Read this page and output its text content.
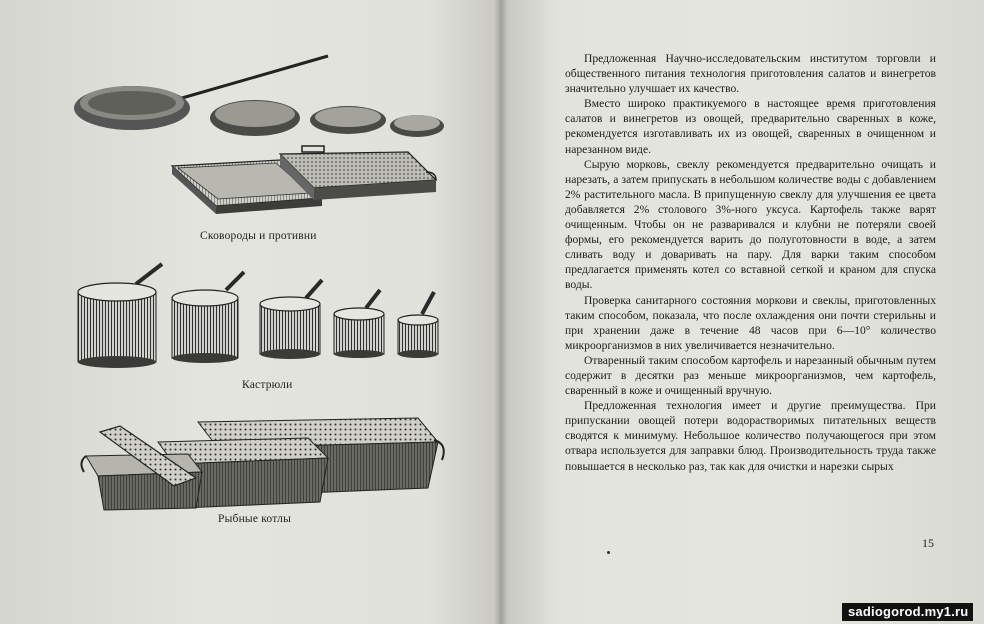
Сковороды и противни
Кастрюли
Рыбные котлы

Предложенная Научно-исследовательским институтом торговли и общественного питания технология приготовления салатов и винегретов значительно улучшает их качество.

Вместо широко практикуемого в настоящее время приготовления салатов и винегретов из овощей, предварительно сваренных в коже, рекомендуется изготавливать их из овощей, сваренных в очищенном и нарезанном виде.

Сырую морковь, свеклу рекомендуется предварительно очищать и нарезать, а затем припускать в небольшом количестве воды с добавлением 2% растительного масла. В припущенную свеклу для улучшения ее цвета добавляется 2% столового 3%-ного уксуса. Картофель также варят очищенным. Чтобы он не разваривался и клубни не потеряли своей формы, его рекомендуется варить до полуготовности в воде, а затем сливать воду и доваривать на пару. Для варки таким способом предлагается применять котел со вставной сеткой и краном для спуска воды.

Проверка санитарного состояния моркови и свеклы, приготовленных таким способом, показала, что после охлаждения они почти стерильны и при хранении даже в течение 48 часов при 6—10° количество микроорганизмов в них увеличивается незначительно.

Отваренный таким способом картофель и нарезанный обычным путем содержит в десятки раз меньше микроорганизмов, чем картофель, сваренный в коже и очищенный вручную.

Предложенная технология имеет и другие преимущества. При припускании овощей потери водорастворимых питательных веществ сводятся к минимуму. Небольшое количество получающегося при этом отвара используется для заправки блюд. Производительность труда также повышается в несколько раз, так как для очистки и нарезки сырых

15
sadiogorod.my1.ru
